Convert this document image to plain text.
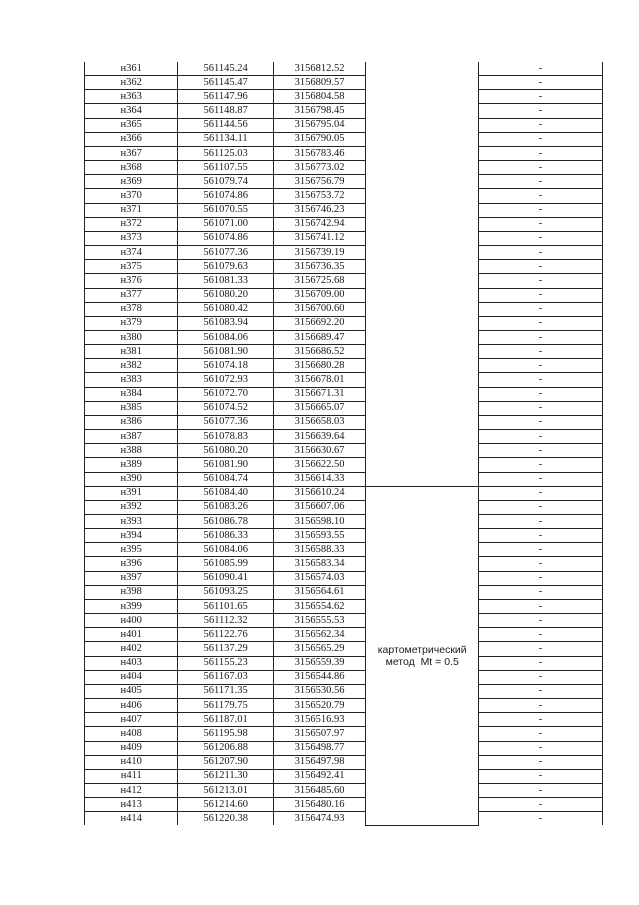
н361	561145.24	3156812.52		-
н362	561145.47	3156809.57		-
н363	561147.96	3156804.58		-
н364	561148.87	3156798.45		-
н365	561144.56	3156795.04		-
н366	561134.11	3156790.05		-
н367	561125.03	3156783.46		-
н368	561107.55	3156773.02		-
н369	561079.74	3156756.79		-
н370	561074.86	3156753.72		-
н371	561070.55	3156746.23		-
н372	561071.00	3156742.94		-
н373	561074.86	3156741.12		-
н374	561077.36	3156739.19		-
н375	561079.63	3156736.35		-
н376	561081.33	3156725.68		-
н377	561080.20	3156709.00		-
н378	561080.42	3156700.60		-
н379	561083.94	3156692.20		-
н380	561084.06	3156689.47		-
н381	561081.90	3156686.52		-
н382	561074.18	3156680.28		-
н383	561072.93	3156678.01		-
н384	561072.70	3156671.31		-
н385	561074.52	3156665.07		-
н386	561077.36	3156658.03		-
н387	561078.83	3156639.64		-
н388	561080.20	3156630.67		-
н389	561081.90	3156622.50		-
н390	561084.74	3156614.33		-
н391	561084.40	3156610.24	картометрический
метод  Mt = 0.5	-
н392	561083.26	3156607.06		-
н393	561086.78	3156598.10		-
н394	561086.33	3156593.55		-
н395	561084.06	3156588.33		-
н396	561085.99	3156583.34		-
н397	561090.41	3156574.03		-
н398	561093.25	3156564.61		-
н399	561101.65	3156554.62		-
н400	561112.32	3156555.53		-
н401	561122.76	3156562.34		-
н402	561137.29	3156565.29		-
н403	561155.23	3156559.39		-
н404	561167.03	3156544.86		-
н405	561171.35	3156530.56		-
н406	561179.75	3156520.79		-
н407	561187.01	3156516.93		-
н408	561195.98	3156507.97		-
н409	561206.88	3156498.77		-
н410	561207.90	3156497.98		-
н411	561211.30	3156492.41		-
н412	561213.01	3156485.60		-
н413	561214.60	3156480.16		-
н414	561220.38	3156474.93		-
